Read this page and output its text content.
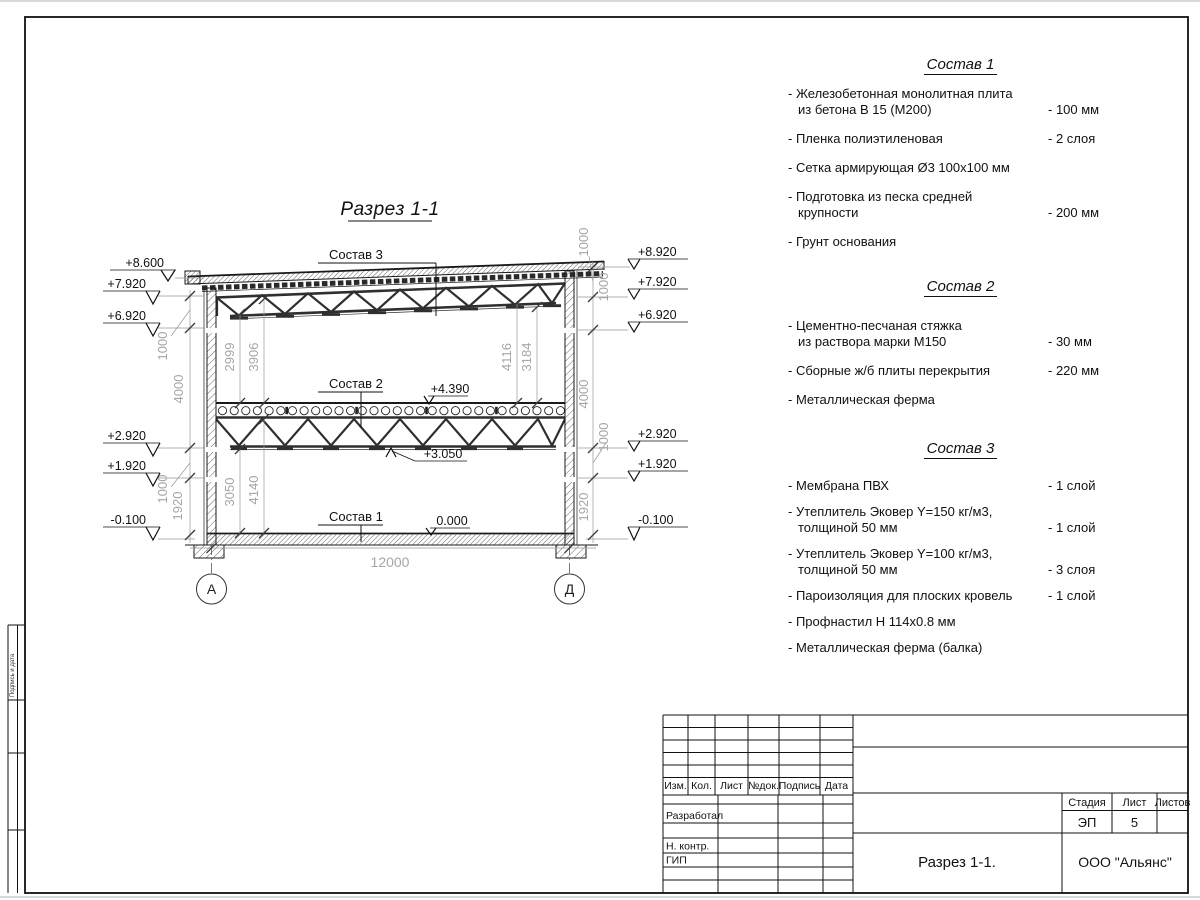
Подпись и дата
Разрез 1-1
А	Д
1000
4000
1000
1920
1000
1000
4000
1000
1920
2999 3906	4116 3184
3050 4140
12000
+8.600
+7.920
+6.920
+2.920
+1.920
-0.100
+8.920
+7.920
+6.920
+2.920
+1.920
-0.100
+4.390
+3.050
0.000
Состав 3
Состав 2
Состав 1
Изм. Кол. Лист №док. Подпись Дата
Разработал
Н. контр.
ГИП
Стадия Лист Листов
ЭП	5
Разрез 1-1.	ООО "Альянс"
Состав 1
- Железобетонная монолитная плита
из бетона В 15 (М200)	- 100 мм
- Пленка полиэтиленовая	- 2 слоя
- Сетка армирующая Ø3 100х100 мм
- Подготовка из песка средней
крупности	- 200 мм
- Грунт основания
Состав 2
- Цементно-песчаная стяжка
из раствора марки М150	- 30 мм
- Сборные ж/б плиты перекрытия	- 220 мм
- Металлическая ферма
Состав 3
- Мембрана ПВХ	- 1 слой
- Утеплитель Эковер Y=150 кг/м3,
толщиной 50 мм	- 1 слой
- Утеплитель Эковер Y=100 кг/м3,
толщиной 50 мм	- 3 слоя
- Пароизоляция для плоских кровель	- 1 слой
- Профнастил Н 114х0.8 мм
- Металлическая ферма (балка)
